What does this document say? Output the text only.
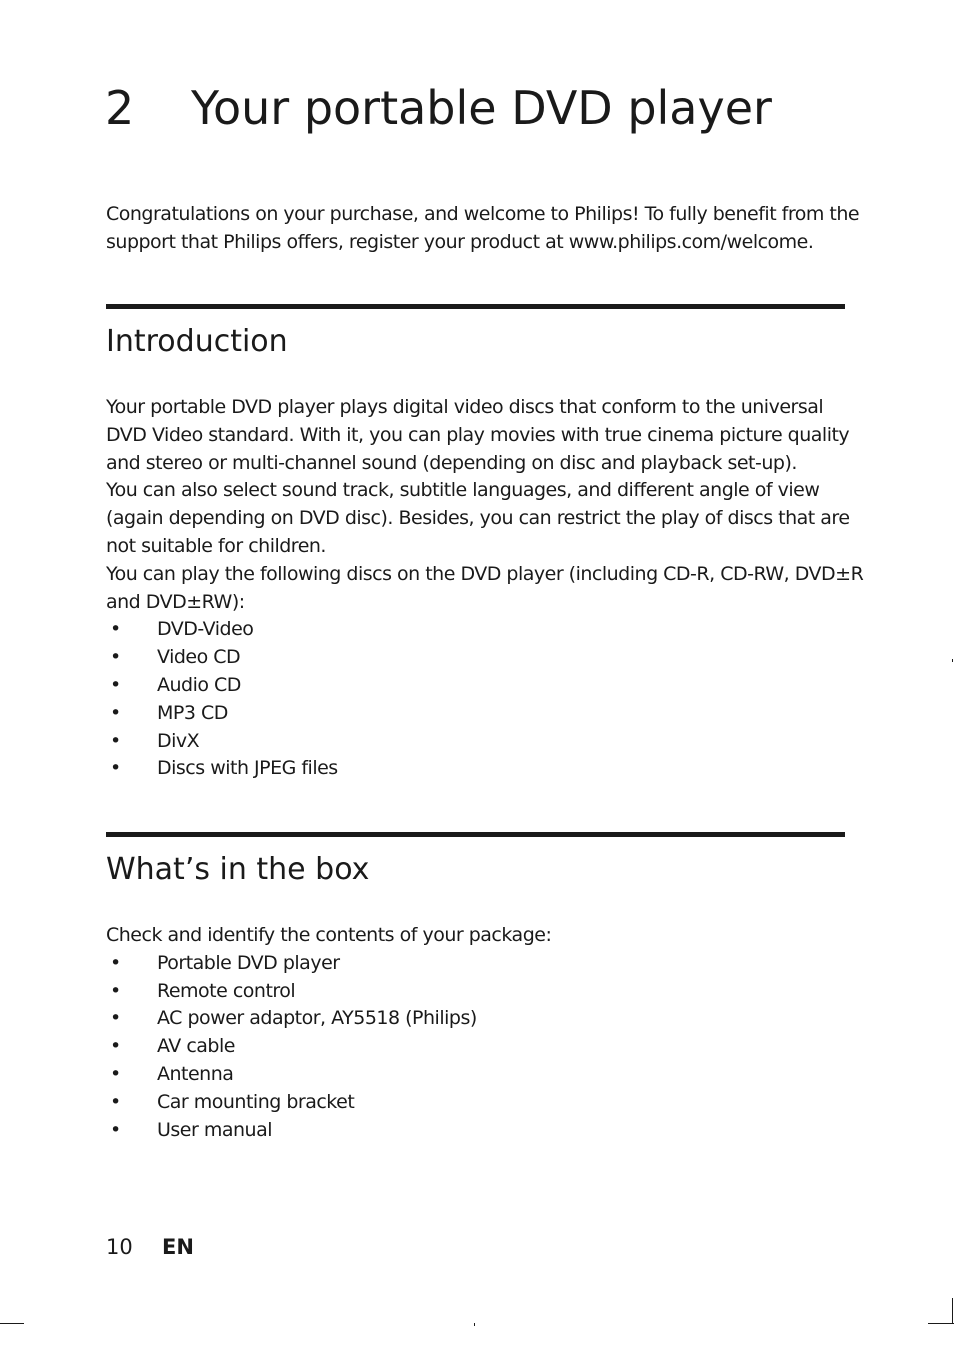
2 Your portable DVD player

Congratulations on your purchase, and welcome to Philips! To fully benefit from the support that Philips offers, register your product at www.philips.com/welcome.

Introduction

Your portable DVD player plays digital video discs that conform to the universal DVD Video standard. With it, you can play movies with true cinema picture quality and stereo or multi-channel sound (depending on disc and playback set-up).

You can also select sound track, subtitle languages, and different angle of view (again depending on DVD disc). Besides, you can restrict the play of discs that are not suitable for children.

You can play the following discs on the DVD player (including CD-R, CD-RW, DVD±R and DVD±RW):

• DVD-Video
• Video CD
• Audio CD
• MP3 CD
• DivX
• Discs with JPEG files
What’s in the box

Check and identify the contents of your package:

• Portable DVD player
• Remote control
• AC power adaptor, AY5518 (Philips)
• AV cable
• Antenna
• Car mounting bracket
• User manual
10 EN
